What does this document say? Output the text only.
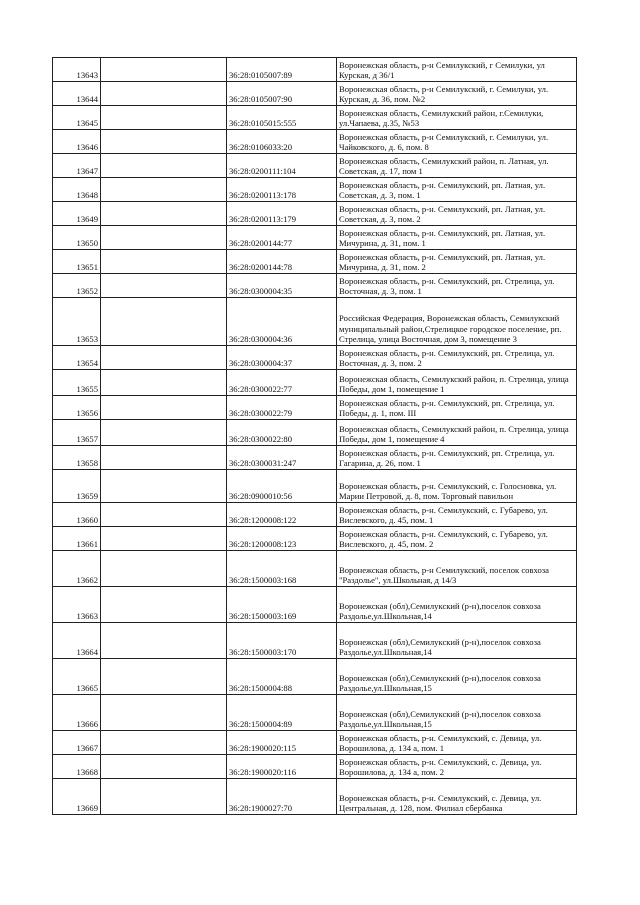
13643		36:28:0105007:89	Воронежская область, р-н Семилукский, г Семилуки, ул Курская, д 36/1
13644		36:28:0105007:90	Воронежская область, р-н Семилукский, г. Семилуки, ул. Курская, д. 36, пом. №2
13645		36:28:0105015:555	Воронежская область, Семилукский район, г.Семилуки, ул.Чапаева, д.35, №53
13646		36:28:0106033:20	Воронежская область, р-н Семилукский, г. Семилуки, ул. Чайковского, д. 6, пом. 8
13647		36:28:0200111:104	Воронежская область, Семилукский район, п. Латная, ул. Советская, д. 17, пом 1
13648		36:28:0200113:178	Воронежская область, р-н. Семилукский, рп. Латная, ул. Советская, д. 3, пом. 1
13649		36:28:0200113:179	Воронежская область, р-н. Семилукский, рп. Латная, ул. Советская, д. 3, пом. 2
13650		36:28:0200144:77	Воронежская область, р-н. Семилукский, рп. Латная, ул. Мичурина, д. 31, пом. 1
13651		36:28:0200144:78	Воронежская область, р-н. Семилукский, рп. Латная, ул. Мичурина, д. 31, пом. 2
13652		36:28:0300004:35	Воронежская область, р-н. Семилукский, рп. Стрелица, ул. Восточная, д. 3, пом. 1
13653		36:28:0300004:36	Российская Федерация, Воронежская область, Семилукский муниципальный район,Стрелицкое городское поселение, рп. Стрелица, улица Восточная, дом 3, помещение 3
13654		36:28:0300004:37	Воронежская область, р-н. Семилукский, рп. Стрелица, ул. Восточная, д. 3, пом. 2
13655		36:28:0300022:77	Воронежская область, Семилукский район, п. Стрелица, улица Победы, дом 1, помещение 1
13656		36:28:0300022:79	Воронежская область, р-н. Семилукский, рп. Стрелица, ул. Победы, д. 1, пом. III
13657		36:28:0300022:80	Воронежская область, Семилукский район, п. Стрелица, улица Победы, дом 1, помещение 4
13658		36:28:0300031:247	Воронежская область, р-н. Семилукский, рп. Стрелица, ул. Гагарина, д. 26, пом. 1
13659		36:28:0900010:56	Воронежская область, р-н. Семилукский, с. Голосновка, ул. Марии Петровой, д. 8, пом. Торговый павильон
13660		36:28:1200008:122	Воронежская область, р-н. Семилукский, с. Губарево, ул. Вислевского, д. 45, пом. 1
13661		36:28:1200008:123	Воронежская область, р-н. Семилукский, с. Губарево, ул. Вислевского, д. 45, пом. 2
13662		36:28:1500003:168	Воронежская область, р-н Семилукский, поселок совхоза "Раздолье", ул.Школьная, д 14/3
13663		36:28:1500003:169	Воронежская (обл),Семилукский (р-н),поселок совхоза Раздолье,ул.Школьная,14
13664		36:28:1500003:170	Воронежская (обл),Семилукский (р-н),поселок совхоза Раздолье,ул.Школьная,14
13665		36:28:1500004:88	Воронежская (обл),Семилукский (р-н),поселок совхоза Раздолье,ул.Школьная,15
13666		36:28:1500004:89	Воронежская (обл),Семилукский (р-н),поселок совхоза Раздолье,ул.Школьная,15
13667		36:28:1900020:115	Воронежская область, р-н. Семилукский, с. Девица, ул. Ворошилова, д. 134 а, пом. 1
13668		36:28:1900020:116	Воронежская область, р-н. Семилукский, с. Девица, ул. Ворошилова, д. 134 а, пом. 2
13669		36:28:1900027:70	Воронежская область, р-н. Семилукский, с. Девица, ул. Центральная, д. 128, пом. Филиал сбербанка
